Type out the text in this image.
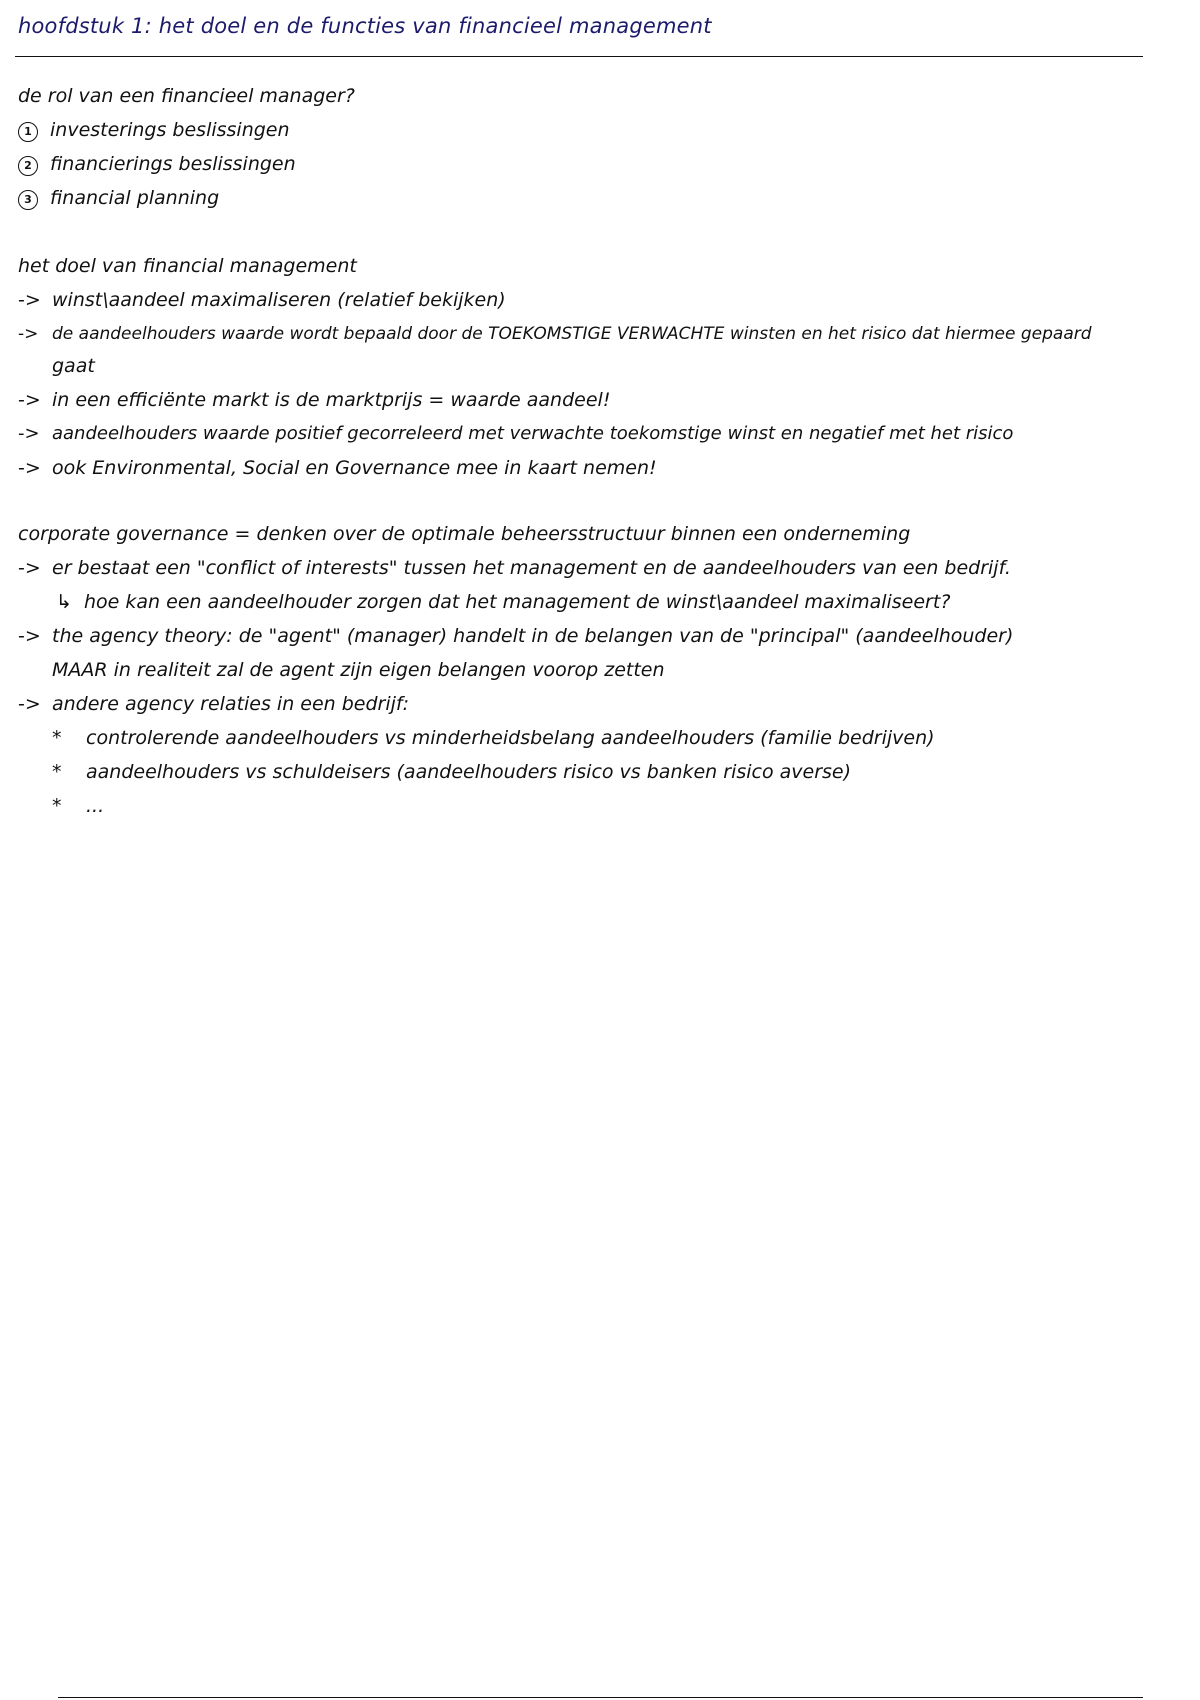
hoofdstuk 1: het doel en de functies van financieel management
de rol van een financieel manager?
1 investerings beslissingen
2 financierings beslissingen
3 financial planning
het doel van financial management
-> winst\aandeel maximaliseren (relatief bekijken)
-> de aandeelhouders waarde wordt bepaald door de TOEKOMSTIGE VERWACHTE winsten en het risico dat hiermee gepaard
gaat
-> in een efficiënte markt is de marktprijs = waarde aandeel!
-> aandeelhouders waarde positief gecorreleerd met verwachte toekomstige winst en negatief met het risico
-> ook Environmental, Social en Governance mee in kaart nemen!
corporate governance = denken over de optimale beheersstructuur binnen een onderneming
-> er bestaat een "conflict of interests" tussen het management en de aandeelhouders van een bedrijf.
↳ hoe kan een aandeelhouder zorgen dat het management de winst\aandeel maximaliseert?
-> the agency theory: de "agent" (manager) handelt in de belangen van de "principal" (aandeelhouder)
MAAR in realiteit zal de agent zijn eigen belangen voorop zetten
-> andere agency relaties in een bedrijf:
* controlerende aandeelhouders vs minderheidsbelang aandeelhouders (familie bedrijven)
* aandeelhouders vs schuldeisers (aandeelhouders risico vs banken risico averse)
* ...
